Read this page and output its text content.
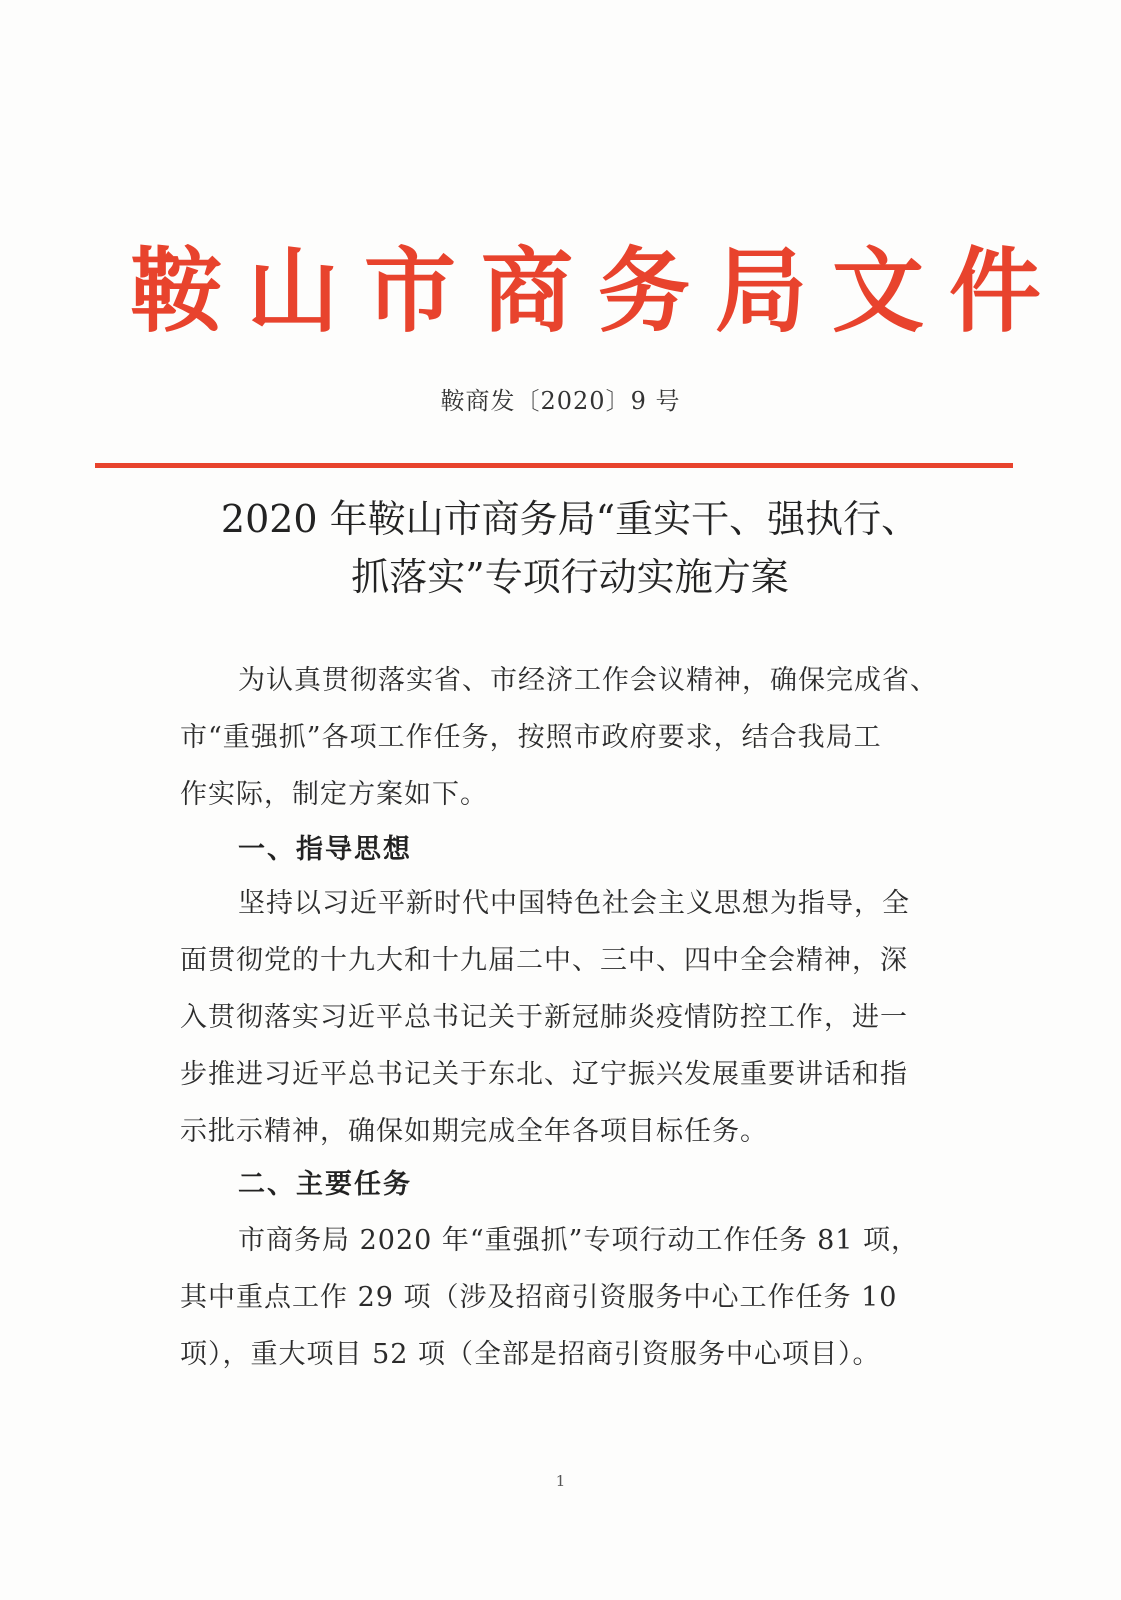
鞍山市商务局文件
鞍商发〔2020〕9 号
2020 年鞍山市商务局“重实干、强执行、
抓落实”专项行动实施方案
为认真贯彻落实省、市经济工作会议精神，确保完成省、
市“重强抓”各项工作任务，按照市政府要求，结合我局工
作实际，制定方案如下。
一、指导思想
坚持以习近平新时代中国特色社会主义思想为指导，全
面贯彻党的十九大和十九届二中、三中、四中全会精神，深
入贯彻落实习近平总书记关于新冠肺炎疫情防控工作，进一
步推进习近平总书记关于东北、辽宁振兴发展重要讲话和指
示批示精神，确保如期完成全年各项目标任务。
二、主要任务
市商务局 2020 年“重强抓”专项行动工作任务 81 项，
其中重点工作 29 项（涉及招商引资服务中心工作任务 10
项），重大项目 52 项（全部是招商引资服务中心项目）。
1
